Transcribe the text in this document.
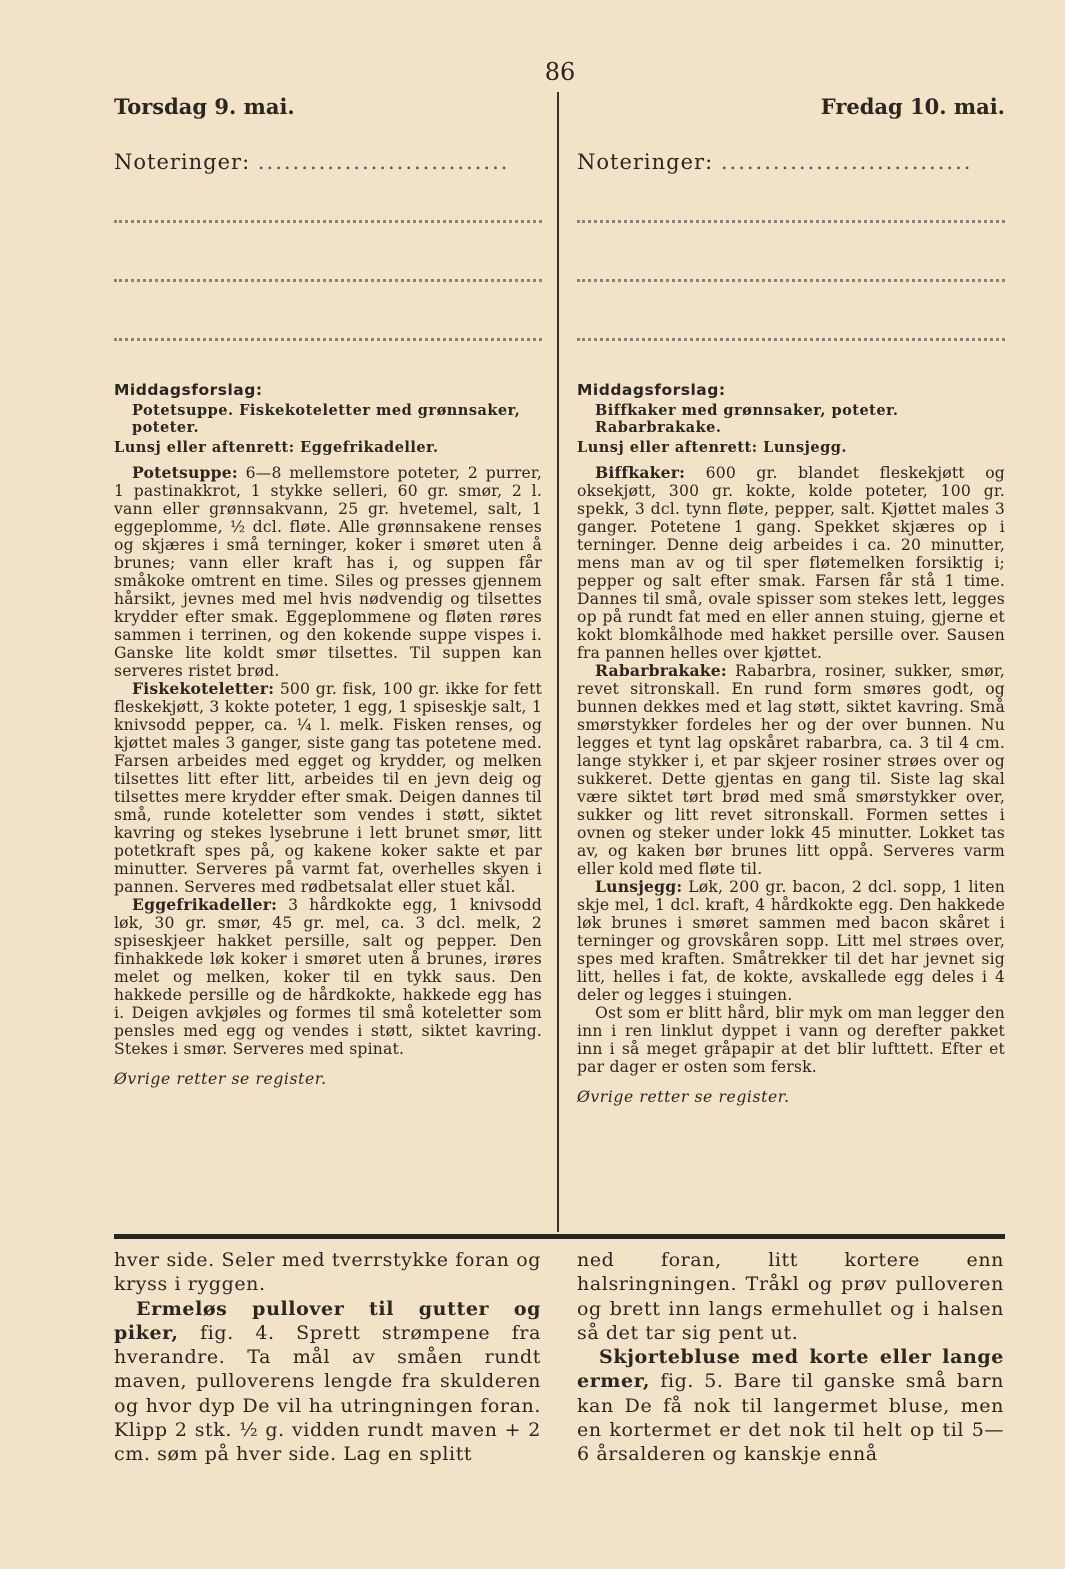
86
Torsdag 9. mai.	Fredag 10. mai.
Noteringer: .............................
Middagsforslag:
Potetsuppe. Fiskekoteletter med grønnsaker, poteter.
Lunsj eller aftenrett: Eggefrikadeller.

Potetsuppe: 6—8 mellemstore poteter, 2 purrer, 1 pastinakkrot, 1 stykke selleri, 60 gr. smør, 2 l. vann eller grønnsakvann, 25 gr. hvetemel, salt, 1 eggeplomme, ½ dcl. fløte. Alle grønnsakene renses og skjæres i små terninger, koker i smøret uten å brunes; vann eller kraft has i, og suppen får småkoke omtrent en time. Siles og presses gjennem hårsikt, jevnes med mel hvis nødvendig og tilsettes krydder efter smak. Eggeplommene og fløten røres sammen i terrinen, og den kokende suppe vispes i. Ganske lite koldt smør tilsettes. Til suppen kan serveres ristet brød.

Fiskekoteletter: 500 gr. fisk, 100 gr. ikke for fett fleskekjøtt, 3 kokte poteter, 1 egg, 1 spiseskje salt, 1 knivsodd pepper, ca. ¼ l. melk. Fisken renses, og kjøttet males 3 ganger, siste gang tas potetene med. Farsen arbeides med egget og krydder, og melken tilsettes litt efter litt, arbeides til en jevn deig og tilsettes mere krydder efter smak. Deigen dannes til små, runde koteletter som vendes i støtt, siktet kavring og stekes lysebrune i lett brunet smør, litt potetkraft spes på, og kakene koker sakte et par minutter. Serveres på varmt fat, overhelles skyen i pannen. Serveres med rødbetsalat eller stuet kål.

Eggefrikadeller: 3 hårdkokte egg, 1 knivsodd løk, 30 gr. smør, 45 gr. mel, ca. 3 dcl. melk, 2 spiseskjeer hakket persille, salt og pepper. Den finhakkede løk koker i smøret uten å brunes, irøres melet og melken, koker til en tykk saus. Den hakkede persille og de hårdkokte, hakkede egg has i. Deigen avkjøles og formes til små koteletter som pensles med egg og vendes i støtt, siktet kavring. Stekes i smør. Serveres med spinat.

Øvrige retter se register.
Noteringer: .............................
Middagsforslag:
Biffkaker med grønnsaker, poteter. Rabarbrakake.
Lunsj eller aftenrett: Lunsjegg.

Biffkaker: 600 gr. blandet fleskekjøtt og oksekjøtt, 300 gr. kokte, kolde poteter, 100 gr. spekk, 3 dcl. tynn fløte, pepper, salt. Kjøttet males 3 ganger. Potetene 1 gang. Spekket skjæres op i terninger. Denne deig arbeides i ca. 20 minutter, mens man av og til sper fløtemelken forsiktig i; pepper og salt efter smak. Farsen får stå 1 time. Dannes til små, ovale spisser som stekes lett, legges op på rundt fat med en eller annen stuing, gjerne et kokt blomkålhode med hakket persille over. Sausen fra pannen helles over kjøttet.

Rabarbrakake: Rabarbra, rosiner, sukker, smør, revet sitronskall. En rund form smøres godt, og bunnen dekkes med et lag støtt, siktet kavring. Små smørstykker fordeles her og der over bunnen. Nu legges et tynt lag opskåret rabarbra, ca. 3 til 4 cm. lange stykker i, et par skjeer rosiner strøes over og sukkeret. Dette gjentas en gang til. Siste lag skal være siktet tørt brød med små smørstykker over, sukker og litt revet sitronskall. Formen settes i ovnen og steker under lokk 45 minutter. Lokket tas av, og kaken bør brunes litt oppå. Serveres varm eller kold med fløte til.

Lunsjegg: Løk, 200 gr. bacon, 2 dcl. sopp, 1 liten skje mel, 1 dcl. kraft, 4 hårdkokte egg. Den hakkede løk brunes i smøret sammen med bacon skåret i terninger og grovskåren sopp. Litt mel strøes over, spes med kraften. Småtrekker til det har jevnet sig litt, helles i fat, de kokte, avskallede egg deles i 4 deler og legges i stuingen.

Ost som er blitt hård, blir myk om man legger den inn i ren linklut dyppet i vann og derefter pakket inn i så meget gråpapir at det blir lufttett. Efter et par dager er osten som fersk.

Øvrige retter se register.

hver side. Seler med tverrstykke foran og kryss i ryggen.

Ermeløs pullover til gutter og piker, fig. 4. Sprett strømpene fra hverandre. Ta mål av småen rundt maven, pulloverens lengde fra skulderen og hvor dyp De vil ha utringningen foran. Klipp 2 stk. ½ g. vidden rundt maven + 2 cm. søm på hver side. Lag en splitt

ned foran, litt kortere enn halsringningen. Tråkl og prøv pulloveren og brett inn langs ermehullet og i halsen så det tar sig pent ut.

Skjortebluse med korte eller lange ermer, fig. 5. Bare til ganske små barn kan De få nok til langermet bluse, men en kortermet er det nok til helt op til 5—6 årsalderen og kanskje ennå
